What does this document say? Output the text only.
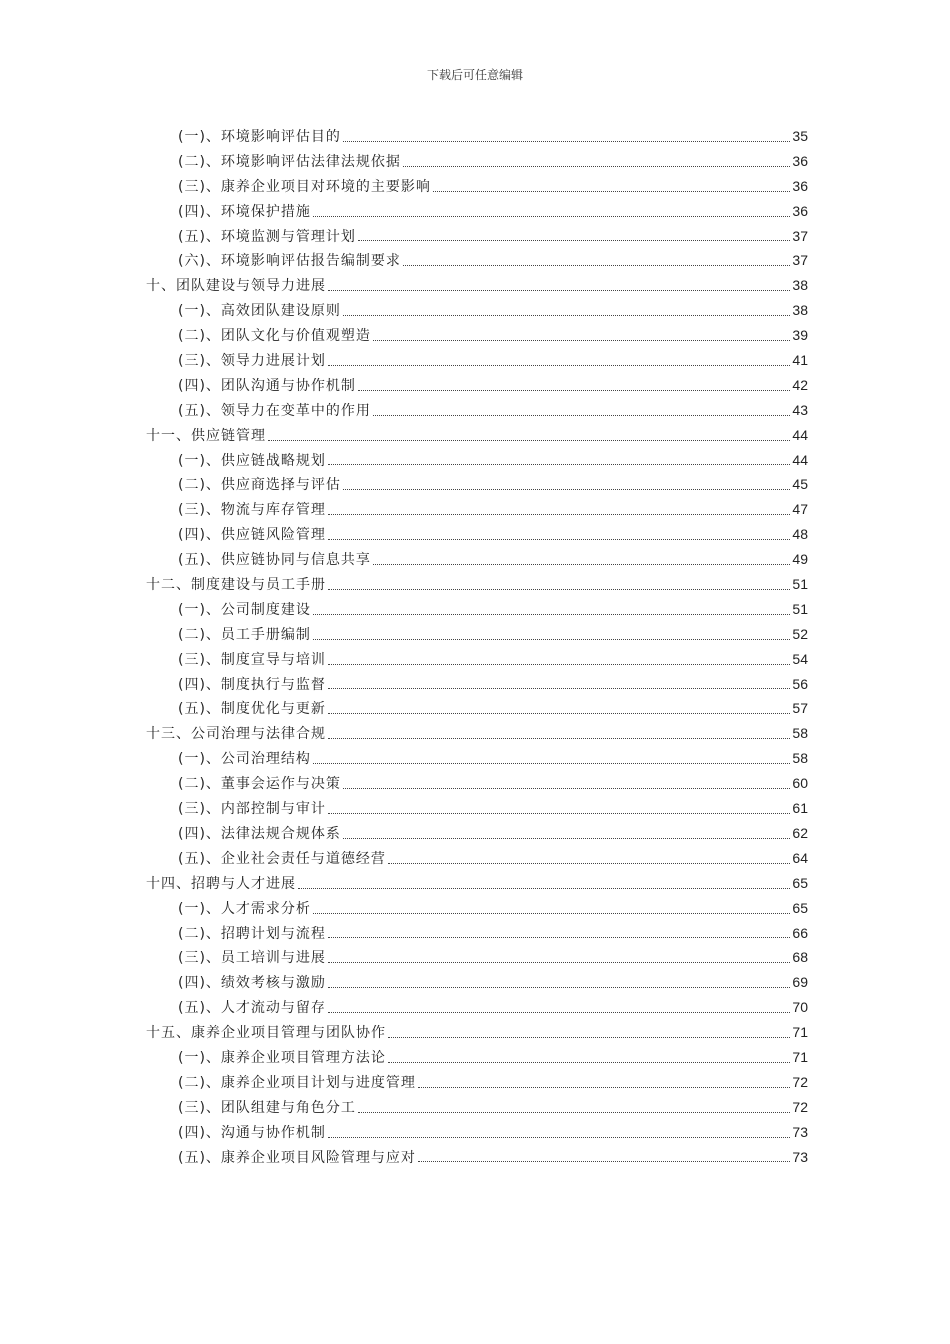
下载后可任意编辑
(一)、环境影响评估目的	35
(二)、环境影响评估法律法规依据	36
(三)、康养企业项目对环境的主要影响	36
(四)、环境保护措施	36
(五)、环境监测与管理计划	37
(六)、环境影响评估报告编制要求	37
十、团队建设与领导力进展	38
(一)、高效团队建设原则	38
(二)、团队文化与价值观塑造	39
(三)、领导力进展计划	41
(四)、团队沟通与协作机制	42
(五)、领导力在变革中的作用	43
十一、供应链管理	44
(一)、供应链战略规划	44
(二)、供应商选择与评估	45
(三)、物流与库存管理	47
(四)、供应链风险管理	48
(五)、供应链协同与信息共享	49
十二、制度建设与员工手册	51
(一)、公司制度建设	51
(二)、员工手册编制	52
(三)、制度宣导与培训	54
(四)、制度执行与监督	56
(五)、制度优化与更新	57
十三、公司治理与法律合规	58
(一)、公司治理结构	58
(二)、董事会运作与决策	60
(三)、内部控制与审计	61
(四)、法律法规合规体系	62
(五)、企业社会责任与道德经营	64
十四、招聘与人才进展	65
(一)、人才需求分析	65
(二)、招聘计划与流程	66
(三)、员工培训与进展	68
(四)、绩效考核与激励	69
(五)、人才流动与留存	70
十五、康养企业项目管理与团队协作	71
(一)、康养企业项目管理方法论	71
(二)、康养企业项目计划与进度管理	72
(三)、团队组建与角色分工	72
(四)、沟通与协作机制	73
(五)、康养企业项目风险管理与应对	73
